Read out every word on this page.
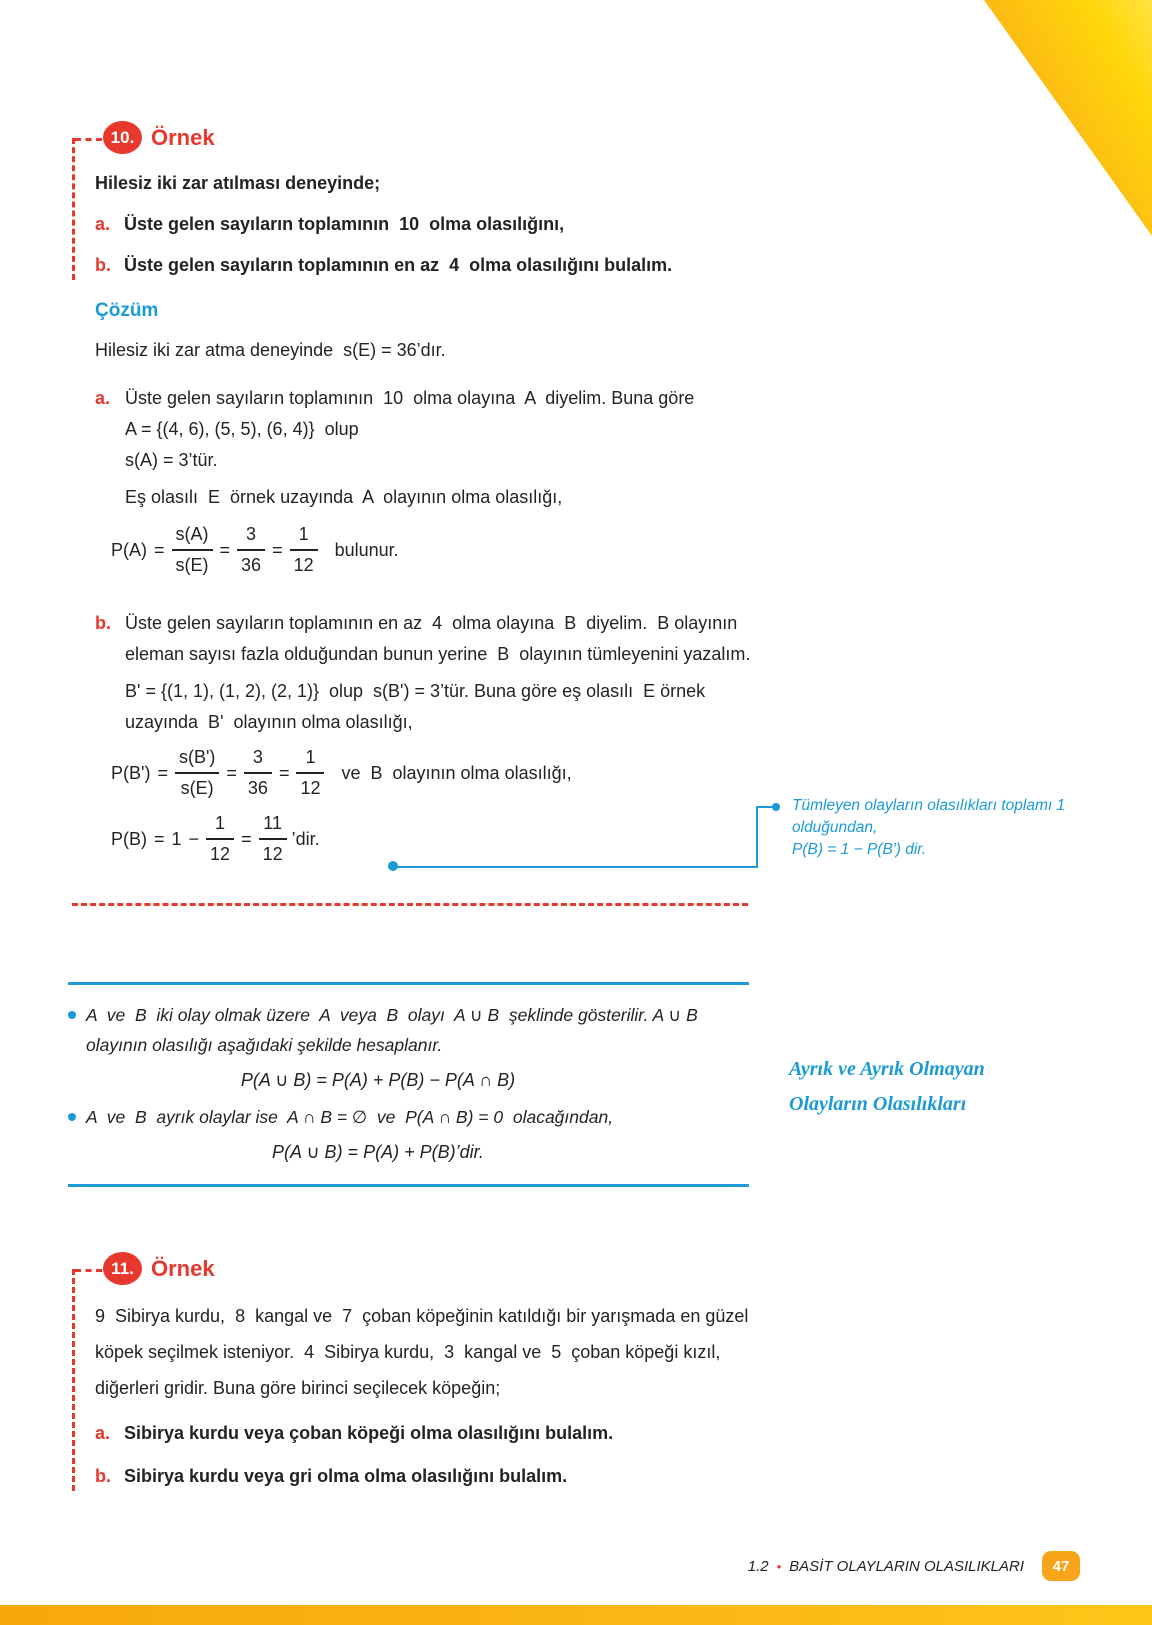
10. Örnek

Hilesiz iki zar atılması deneyinde;

a. Üste gelen sayıların toplamının  10  olma olasılığını,
b. Üste gelen sayıların toplamının en az  4  olma olasılığını bulalım.
Çözüm

Hilesiz iki zar atma deneyinde  s(E) = 36’dır.

a. Üste gelen sayıların toplamının  10  olma olayına  A  diyelim. Buna göre

A = {(4, 6), (5, 5), (6, 4)}  olup

s(A) = 3’tür.

Eş olasılı  E  örnek uzayında  A  olayının olma olasılığı,

$P(A) = \frac{s(A)}{s(E)} = \frac{3}{36} = \frac{1}{12}$ bulunur.
b. Üste gelen sayıların toplamının en az  4  olma olayına  B  diyelim.  B olayının eleman sayısı fazla olduğundan bunun yerine  B  olayının tümleyenini yazalım.

B' = {(1, 1), (1, 2), (2, 1)}  olup  s(B') = 3’tür. Buna göre eş olasılı  E örnek uzayında  B'  olayının olma olasılığı,

$P(B') = \frac{s(B')}{s(E)} = \frac{3}{36} = \frac{1}{12}$ ve  B  olayının olma olasılığı,
$P(B) = 1 - \frac{1}{12} = \frac{11}{12}$ ’dir.
Tümleyen olayların olasılıkları toplamı 1 olduğundan,
P(B) = 1 − P(B') dir.

A  ve  B  iki olay olmak üzere  A  veya  B  olayı  A ∪ B  şeklinde gösterilir. A ∪ B  olayının olasılığı aşağıdaki şekilde hesaplanır.

P(A ∪ B) = P(A) + P(B) − P(A ∩ B)

A  ve  B  ayrık olaylar ise  A ∩ B = ∅  ve  P(A ∩ B) = 0  olacağından,

P(A ∪ B) = P(A) + P(B)’dir.

Ayrık ve Ayrık Olmayan
Olayların Olasılıkları
11. Örnek

9  Sibirya kurdu,  8  kangal ve  7  çoban köpeğinin katıldığı bir yarışmada en güzel köpek seçilmek isteniyor.  4  Sibirya kurdu,  3  kangal ve  5  çoban köpeği kızıl, diğerleri gridir. Buna göre birinci seçilecek köpeğin;

a. Sibirya kurdu veya çoban köpeği olma olasılığını bulalım.
b. Sibirya kurdu veya gri olma olma olasılığını bulalım.
1.2 • BASİT OLAYLARIN OLASILIKLARI 47
